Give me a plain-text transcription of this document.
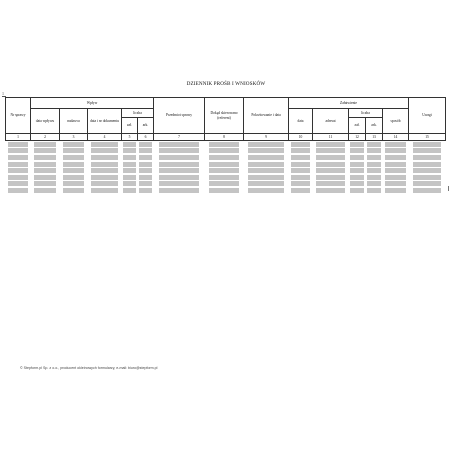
DZIENNIK PROŚB I WNIOSKÓW
1
Nr sprawy	Wpływ					Przedmiot sprawy	Dokąd skierowano (referent)	Pokwitowanie i data	Załatwienie					Uwagi
	data wpływu	nadawca	data i nr dokumentu	liczba					data	adresat	liczba		sposób	
				zał.	ark.						zał.	ark.		
1	2	3	4	5	6	7	8	9	10	11	12	13	14	15

© Stepform.pl Sp. z o.o., producent okleinowych formularzy, e-mail: biuro@stepform.pl
